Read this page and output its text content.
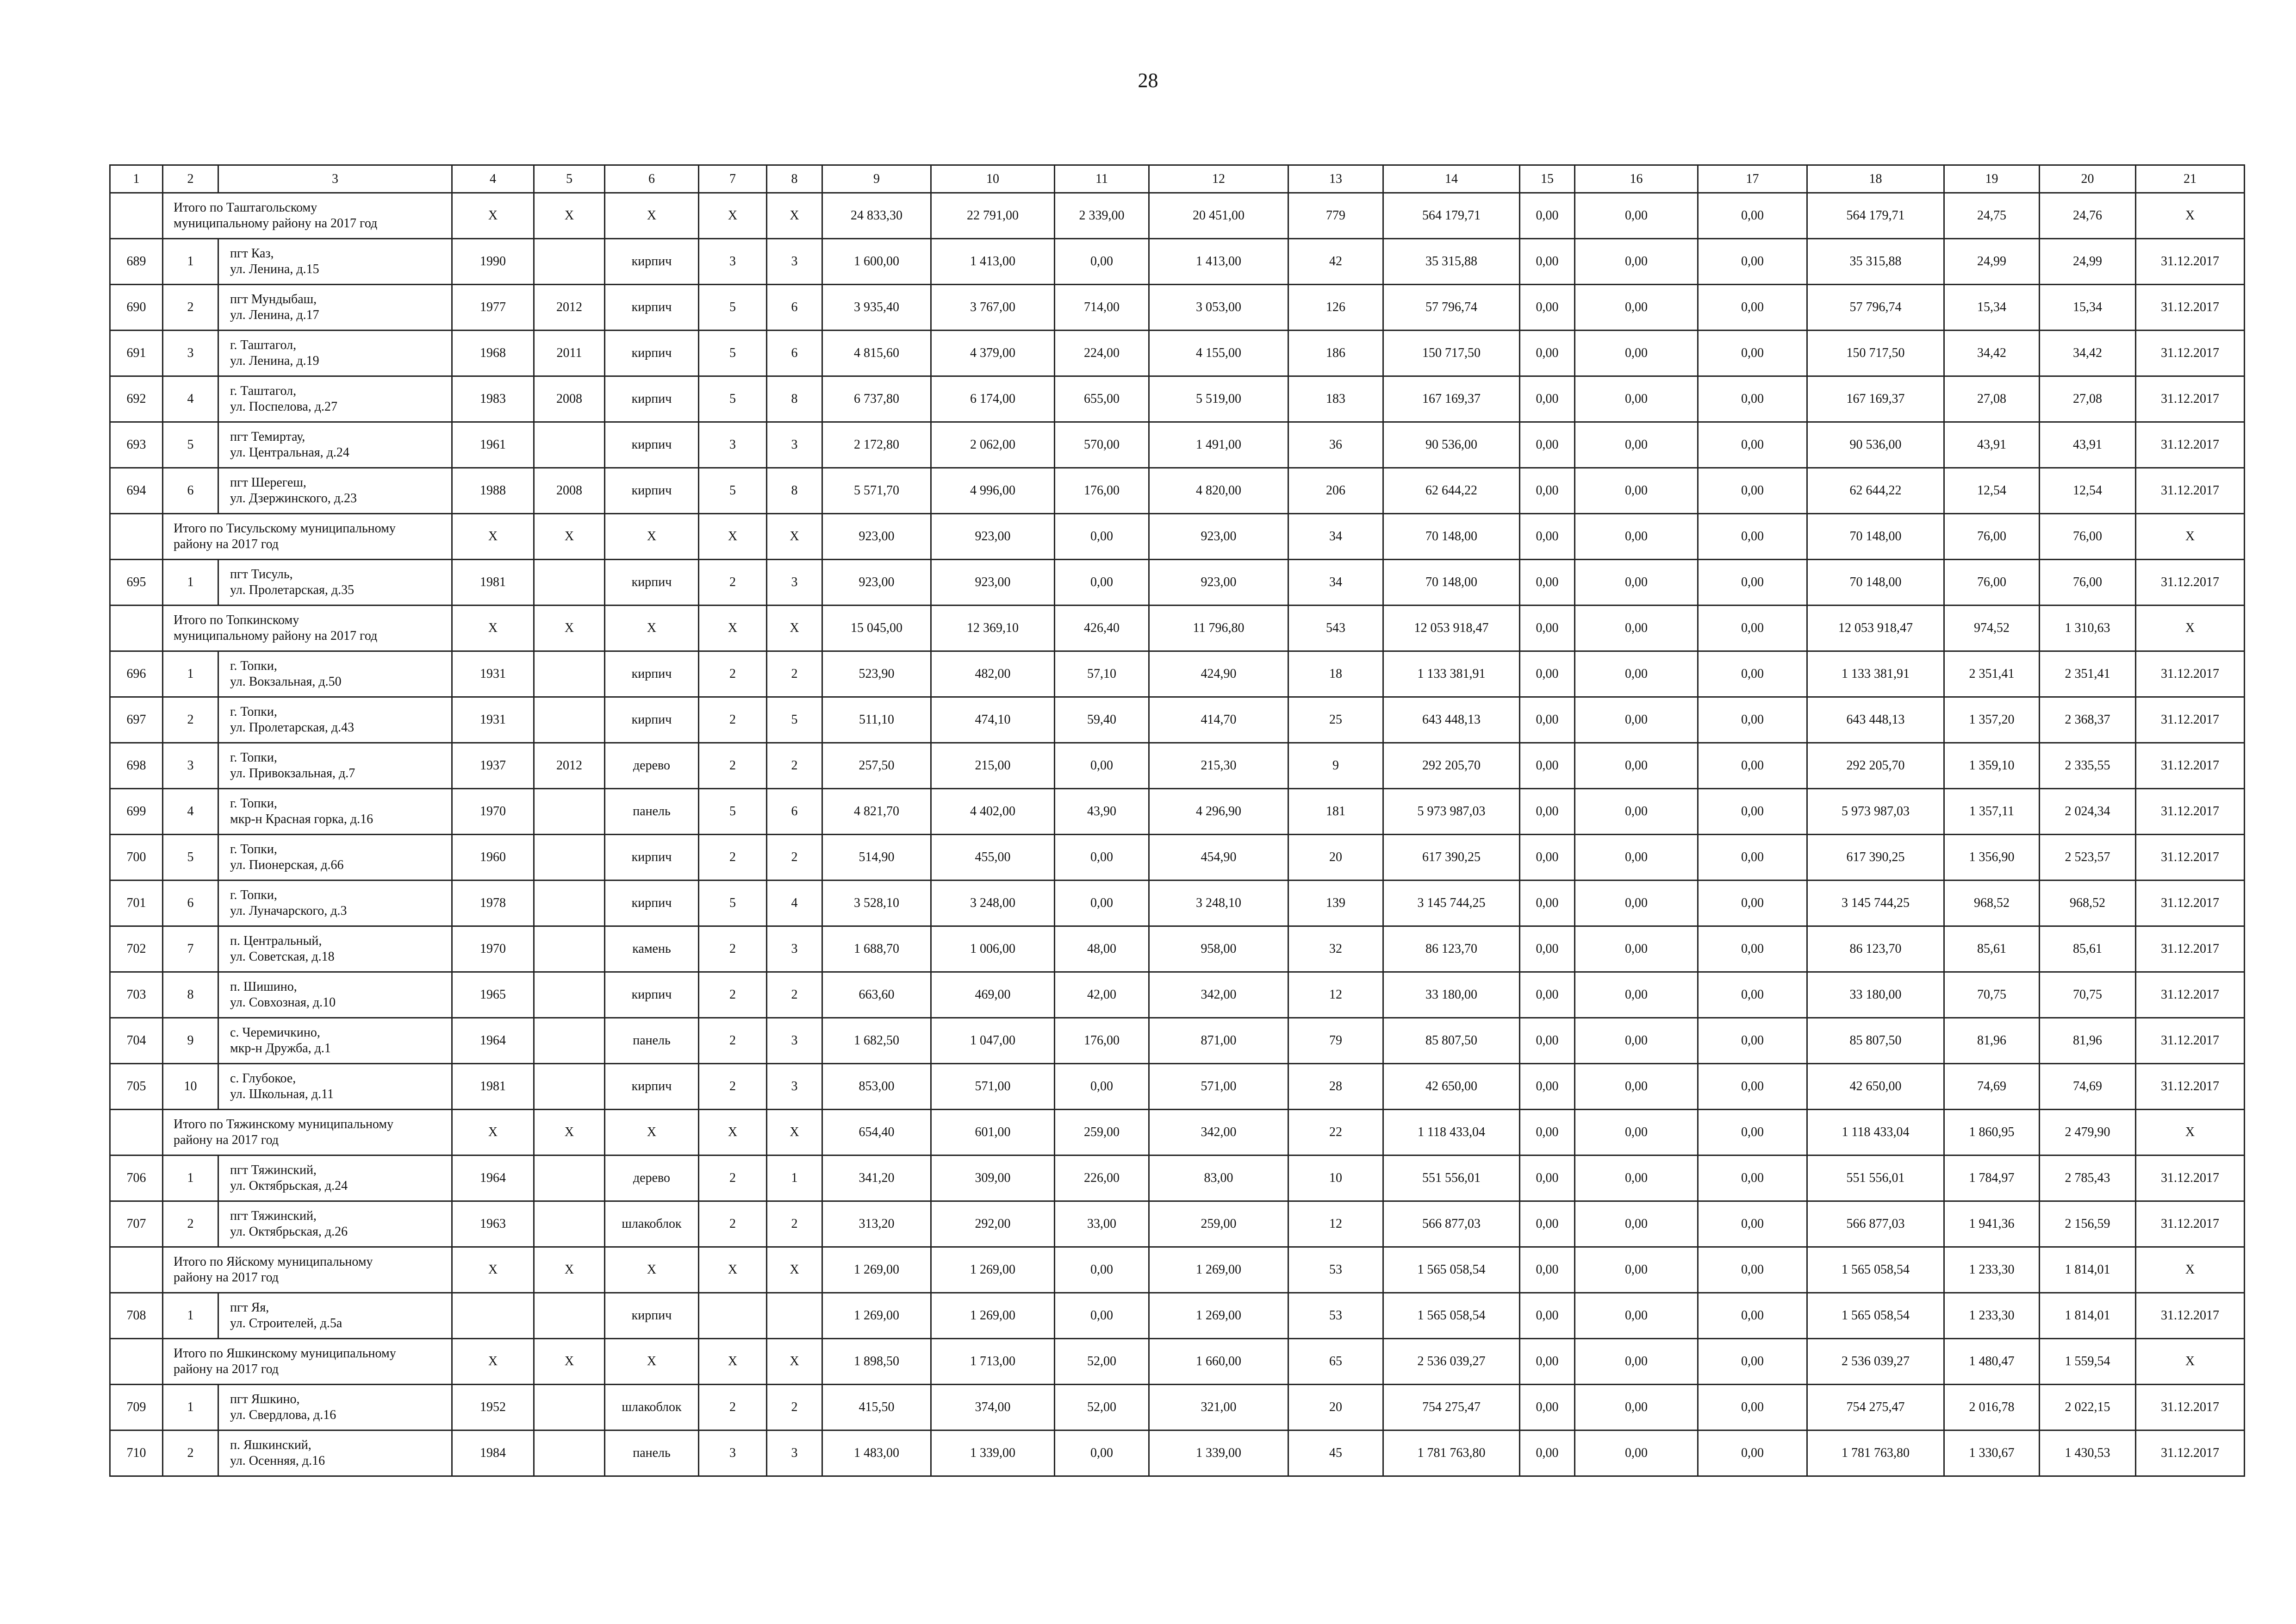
28
1	2	3	4	5	6	7	8	9	10	11	12	13	14	15	16	17	18	19	20	21

	Итого по Таштагольскому
муниципальному району на 2017 год		X	X	X	X	X	24 833,30	22 791,00	2 339,00	20 451,00	779	564 179,71	0,00	0,00	0,00	564 179,71	24,75	24,76	X
689	1	пгт Каз,
ул. Ленина, д.15	1990		кирпич	3	3	1 600,00	1 413,00	0,00	1 413,00	42	35 315,88	0,00	0,00	0,00	35 315,88	24,99	24,99	31.12.2017
690	2	пгт Мундыбаш,
ул. Ленина, д.17	1977	2012	кирпич	5	6	3 935,40	3 767,00	714,00	3 053,00	126	57 796,74	0,00	0,00	0,00	57 796,74	15,34	15,34	31.12.2017
691	3	г. Таштагол,
ул. Ленина, д.19	1968	2011	кирпич	5	6	4 815,60	4 379,00	224,00	4 155,00	186	150 717,50	0,00	0,00	0,00	150 717,50	34,42	34,42	31.12.2017
692	4	г. Таштагол,
ул. Поспелова, д.27	1983	2008	кирпич	5	8	6 737,80	6 174,00	655,00	5 519,00	183	167 169,37	0,00	0,00	0,00	167 169,37	27,08	27,08	31.12.2017
693	5	пгт Темиртау,
ул. Центральная, д.24	1961		кирпич	3	3	2 172,80	2 062,00	570,00	1 491,00	36	90 536,00	0,00	0,00	0,00	90 536,00	43,91	43,91	31.12.2017
694	6	пгт Шерегеш,
ул. Дзержинского, д.23	1988	2008	кирпич	5	8	5 571,70	4 996,00	176,00	4 820,00	206	62 644,22	0,00	0,00	0,00	62 644,22	12,54	12,54	31.12.2017

	Итого по Тисульскому муниципальному
району на 2017 год		X	X	X	X	X	923,00	923,00	0,00	923,00	34	70 148,00	0,00	0,00	0,00	70 148,00	76,00	76,00	X
695	1	пгт Тисуль,
ул. Пролетарская, д.35	1981		кирпич	2	3	923,00	923,00	0,00	923,00	34	70 148,00	0,00	0,00	0,00	70 148,00	76,00	76,00	31.12.2017

	Итого по Топкинскому
муниципальному району на 2017 год		X	X	X	X	X	15 045,00	12 369,10	426,40	11 796,80	543	12 053 918,47	0,00	0,00	0,00	12 053 918,47	974,52	1 310,63	X
696	1	г. Топки,
ул. Вокзальная, д.50	1931		кирпич	2	2	523,90	482,00	57,10	424,90	18	1 133 381,91	0,00	0,00	0,00	1 133 381,91	2 351,41	2 351,41	31.12.2017
697	2	г. Топки,
ул. Пролетарская, д.43	1931		кирпич	2	5	511,10	474,10	59,40	414,70	25	643 448,13	0,00	0,00	0,00	643 448,13	1 357,20	2 368,37	31.12.2017
698	3	г. Топки,
ул. Привокзальная, д.7	1937	2012	дерево	2	2	257,50	215,00	0,00	215,30	9	292 205,70	0,00	0,00	0,00	292 205,70	1 359,10	2 335,55	31.12.2017
699	4	г. Топки,
мкр-н Красная горка, д.16	1970		панель	5	6	4 821,70	4 402,00	43,90	4 296,90	181	5 973 987,03	0,00	0,00	0,00	5 973 987,03	1 357,11	2 024,34	31.12.2017
700	5	г. Топки,
ул. Пионерская, д.66	1960		кирпич	2	2	514,90	455,00	0,00	454,90	20	617 390,25	0,00	0,00	0,00	617 390,25	1 356,90	2 523,57	31.12.2017
701	6	г. Топки,
ул. Луначарского, д.3	1978		кирпич	5	4	3 528,10	3 248,00	0,00	3 248,10	139	3 145 744,25	0,00	0,00	0,00	3 145 744,25	968,52	968,52	31.12.2017
702	7	п. Центральный,
ул. Советская, д.18	1970		камень	2	3	1 688,70	1 006,00	48,00	958,00	32	86 123,70	0,00	0,00	0,00	86 123,70	85,61	85,61	31.12.2017
703	8	п. Шишино,
ул. Совхозная, д.10	1965		кирпич	2	2	663,60	469,00	42,00	342,00	12	33 180,00	0,00	0,00	0,00	33 180,00	70,75	70,75	31.12.2017
704	9	с. Черемичкино,
мкр-н Дружба, д.1	1964		панель	2	3	1 682,50	1 047,00	176,00	871,00	79	85 807,50	0,00	0,00	0,00	85 807,50	81,96	81,96	31.12.2017
705	10	с. Глубокое,
ул. Школьная, д.11	1981		кирпич	2	3	853,00	571,00	0,00	571,00	28	42 650,00	0,00	0,00	0,00	42 650,00	74,69	74,69	31.12.2017

	Итого по Тяжинскому муниципальному
району на 2017 год		X	X	X	X	X	654,40	601,00	259,00	342,00	22	1 118 433,04	0,00	0,00	0,00	1 118 433,04	1 860,95	2 479,90	X
706	1	пгт Тяжинский,
ул. Октябрьская, д.24	1964		дерево	2	1	341,20	309,00	226,00	83,00	10	551 556,01	0,00	0,00	0,00	551 556,01	1 784,97	2 785,43	31.12.2017
707	2	пгт Тяжинский,
ул. Октябрьская, д.26	1963		шлакоблок	2	2	313,20	292,00	33,00	259,00	12	566 877,03	0,00	0,00	0,00	566 877,03	1 941,36	2 156,59	31.12.2017

	Итого по Яйскому муниципальному
району на 2017 год		X	X	X	X	X	1 269,00	1 269,00	0,00	1 269,00	53	1 565 058,54	0,00	0,00	0,00	1 565 058,54	1 233,30	1 814,01	X
708	1	пгт Яя,
ул. Строителей, д.5а			кирпич			1 269,00	1 269,00	0,00	1 269,00	53	1 565 058,54	0,00	0,00	0,00	1 565 058,54	1 233,30	1 814,01	31.12.2017

	Итого по Яшкинскому муниципальному
району на 2017 год		X	X	X	X	X	1 898,50	1 713,00	52,00	1 660,00	65	2 536 039,27	0,00	0,00	0,00	2 536 039,27	1 480,47	1 559,54	X
709	1	пгт Яшкино,
ул. Свердлова, д.16	1952		шлакоблок	2	2	415,50	374,00	52,00	321,00	20	754 275,47	0,00	0,00	0,00	754 275,47	2 016,78	2 022,15	31.12.2017
710	2	п. Яшкинский,
ул. Осенняя, д.16	1984		панель	3	3	1 483,00	1 339,00	0,00	1 339,00	45	1 781 763,80	0,00	0,00	0,00	1 781 763,80	1 330,67	1 430,53	31.12.2017
